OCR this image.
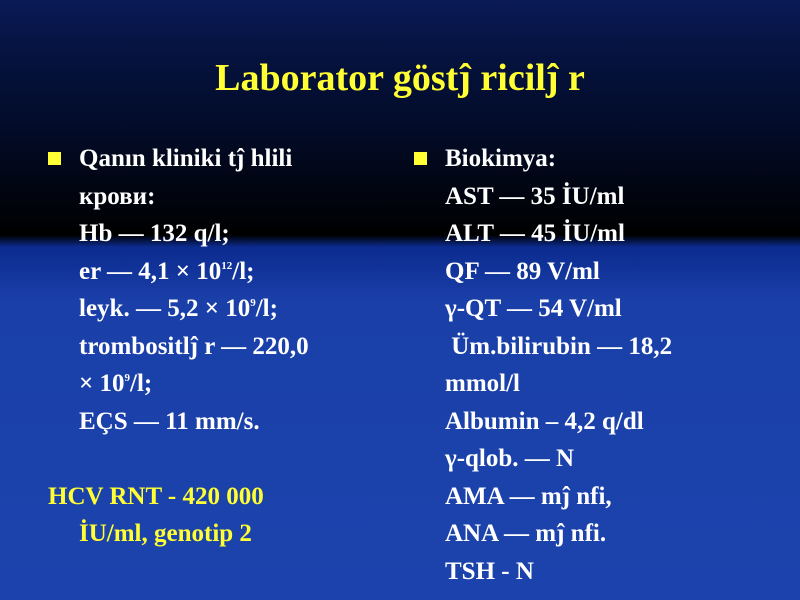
Laborator göstĵ ricilĵ r
Qanın kliniki tĵ hlili
крови:
Hb — 132 q/l;
er — $4,1 \times 10^{12}/l$;
leyk. — $5,2 \times 10^9/l$;
trombositlĵ r — 220,0
× $10^9/l$;
EÇS — 11 mm/s.
HCV RNT - 420 000
İU/ml, genotip 2
Biokimya:
AST — 35 İU/ml
ALT — 45 İU/ml
QF — 89 V/ml
γ-QT — 54 V/ml
Üm.bilirubin — 18,2
mmol/l
Albumin – 4,2 q/dl
γ-qlob. — N
AMA — mĵ nfi,
ANA — mĵ nfi.
TSH - N
